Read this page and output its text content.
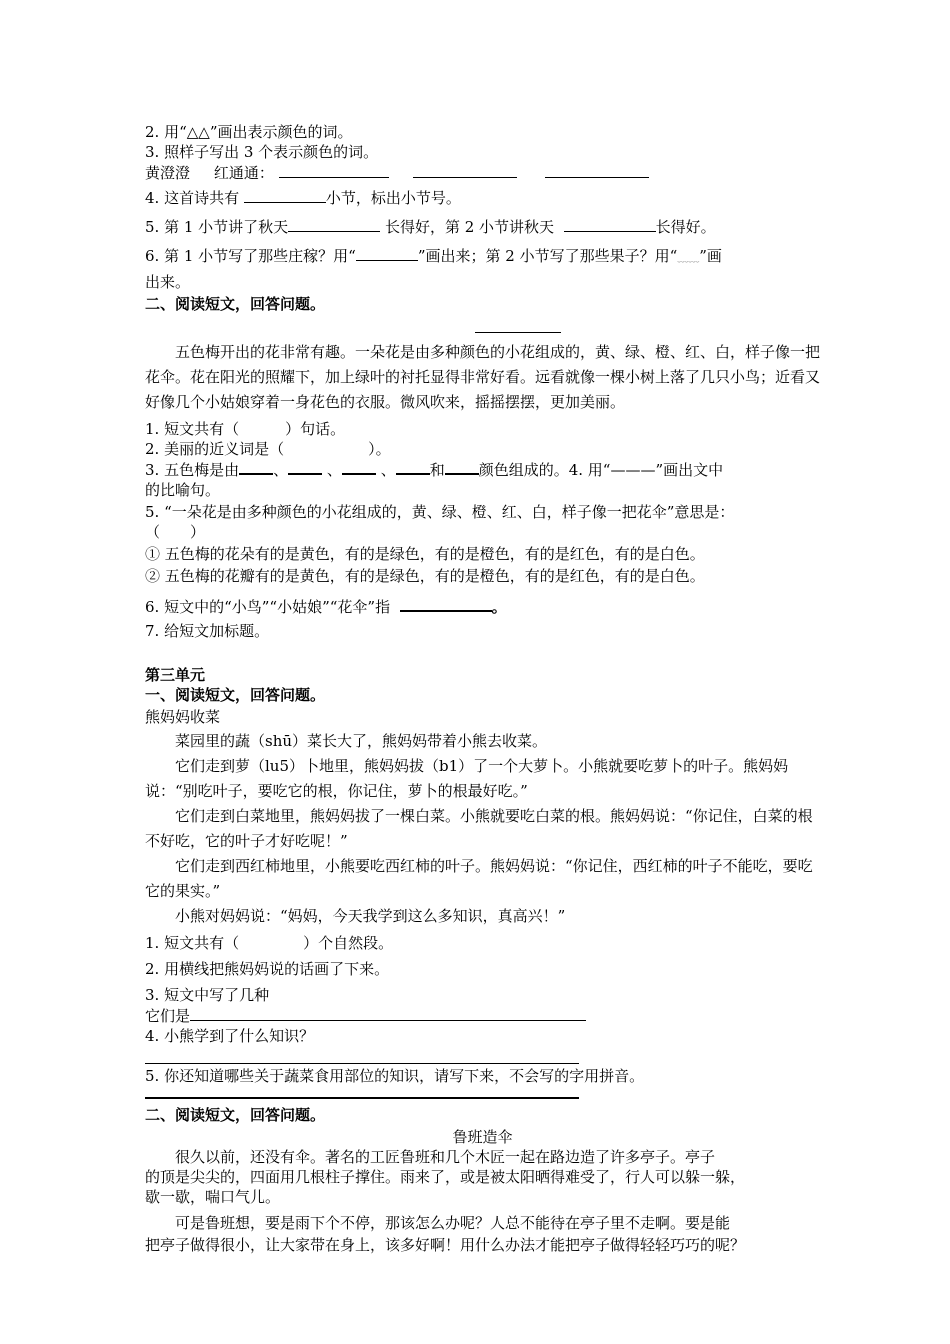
2. 用“△△”画出表示颜色的词。
3. 照样子写出 3 个表示颜色的词。
黄澄澄 红通通：
4. 这首诗共有	小节，标出小节号。
5. 第 1 小节讲了秋天	长得好，第 2 小节讲秋天	长得好。
6. 第 1 小节写了那些庄稼？用“	”画出来；第 2 小节写了那些果子？用“﹏﹏”画
出来。
二、阅读短文，回答问题。
五色梅开出的花非常有趣。一朵花是由多种颜色的小花组成的，黄、绿、橙、红、白，样子像一把花伞。花在阳光的照耀下，加上绿叶的衬托显得非常好看。远看就像一棵小树上落了几只小鸟；近看又好像几个小姑娘穿着一身花色的衣服。微风吹来，摇摇摆摆，更加美丽。
1. 短文共有（	）句话。
2. 美丽的近义词是（	）。
3. 五色梅是由 、	、	、 和 颜色组成的。4. 用“———”画出文中
的比喻句。
5. “一朵花是由多种颜色的小花组成的，黄、绿、橙、红、白，样子像一把花伞”意思是：
（　　）
① 五色梅的花朵有的是黄色，有的是绿色，有的是橙色，有的是红色，有的是白色。
② 五色梅的花瓣有的是黄色，有的是绿色，有的是橙色，有的是红色，有的是白色。
6. 短文中的“小鸟”“小姑娘”“花伞”指	。
7. 给短文加标题。
第三单元
一、阅读短文，回答问题。
熊妈妈收菜
菜园里的蔬（shū）菜长大了，熊妈妈带着小熊去收菜。
它们走到萝（lu5）卜地里，熊妈妈拔（b1）了一个大萝卜。小熊就要吃萝卜的叶子。熊妈妈说：“别吃叶子，要吃它的根，你记住，萝卜的根最好吃。”
它们走到白菜地里，熊妈妈拔了一棵白菜。小熊就要吃白菜的根。熊妈妈说：“你记住，白菜的根不好吃，它的叶子才好吃呢！”
它们走到西红柿地里，小熊要吃西红柿的叶子。熊妈妈说：“你记住，西红柿的叶子不能吃，要吃它的果实。”
小熊对妈妈说：“妈妈，今天我学到这么多知识，真高兴！”
1. 短文共有（	）个自然段。
2. 用横线把熊妈妈说的话画了下来。
3. 短文中写了几种
它们是
4. 小熊学到了什么知识？
5. 你还知道哪些关于蔬菜食用部位的知识，请写下来，不会写的字用拼音。
二、阅读短文，回答问题。
鲁班造伞
很久以前，还没有伞。著名的工匠鲁班和几个木匠一起在路边造了许多亭子。亭子
的顶是尖尖的，四面用几根柱子撑住。雨来了，或是被太阳晒得难受了，行人可以躲一躲，
歇一歇，喘口气儿。
可是鲁班想，要是雨下个不停，那该怎么办呢？人总不能待在亭子里不走啊。要是能
把亭子做得很小，让大家带在身上，该多好啊！用什么办法才能把亭子做得轻轻巧巧的呢？
